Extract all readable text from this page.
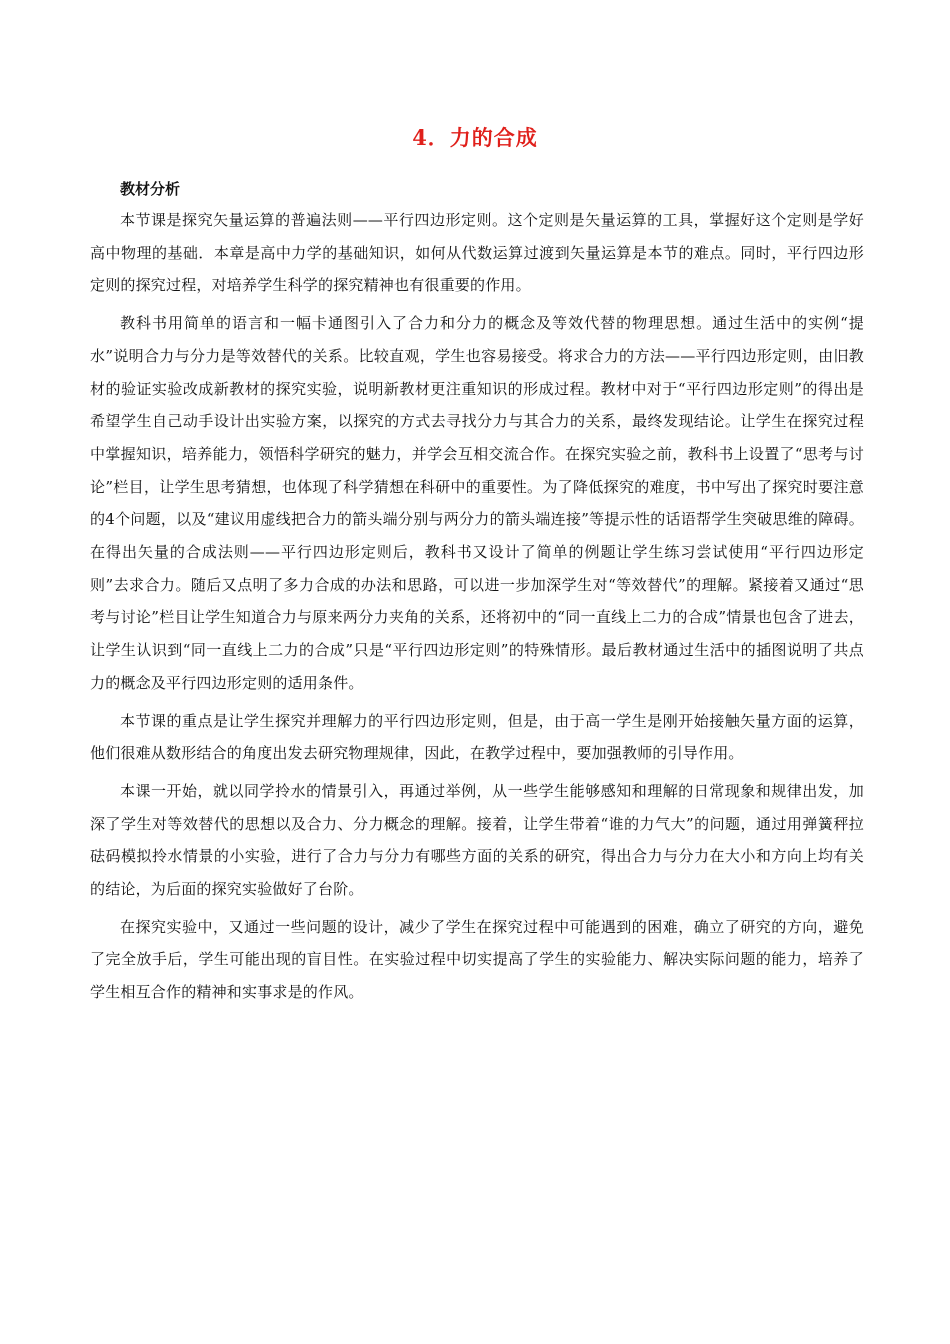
4．力的合成
教材分析

本节课是探究矢量运算的普遍法则——平行四边形定则。这个定则是矢量运算的工具，掌握好这个定则是学好高中物理的基础．本章是高中力学的基础知识，如何从代数运算过渡到矢量运算是本节的难点。同时，平行四边形定则的探究过程，对培养学生科学的探究精神也有很重要的作用。

教科书用简单的语言和一幅卡通图引入了合力和分力的概念及等效代替的物理思想。通过生活中的实例“提水”说明合力与分力是等效替代的关系。比较直观，学生也容易接受。将求合力的方法——平行四边形定则，由旧教材的验证实验改成新教材的探究实验，说明新教材更注重知识的形成过程。教材中对于“平行四边形定则”的得出是希望学生自己动手设计出实验方案，以探究的方式去寻找分力与其合力的关系，最终发现结论。让学生在探究过程中掌握知识，培养能力，领悟科学研究的魅力，并学会互相交流合作。在探究实验之前，教科书上设置了“思考与讨论”栏目，让学生思考猜想，也体现了科学猜想在科研中的重要性。为了降低探究的难度，书中写出了探究时要注意的4个问题，以及“建议用虚线把合力的箭头端分别与两分力的箭头端连接”等提示性的话语帮学生突破思维的障碍。在得出矢量的合成法则——平行四边形定则后，教科书又设计了简单的例题让学生练习尝试使用“平行四边形定则”去求合力。随后又点明了多力合成的办法和思路，可以进一步加深学生对“等效替代”的理解。紧接着又通过“思考与讨论”栏目让学生知道合力与原来两分力夹角的关系，还将初中的“同一直线上二力的合成”情景也包含了进去，让学生认识到“同一直线上二力的合成”只是“平行四边形定则”的特殊情形。最后教材通过生活中的插图说明了共点力的概念及平行四边形定则的适用条件。

本节课的重点是让学生探究并理解力的平行四边形定则，但是，由于高一学生是刚开始接触矢量方面的运算，他们很难从数形结合的角度出发去研究物理规律，因此，在教学过程中，要加强教师的引导作用。

本课一开始，就以同学拎水的情景引入，再通过举例，从一些学生能够感知和理解的日常现象和规律出发，加深了学生对等效替代的思想以及合力、分力概念的理解。接着，让学生带着“谁的力气大”的问题，通过用弹簧秤拉砝码模拟拎水情景的小实验，进行了合力与分力有哪些方面的关系的研究，得出合力与分力在大小和方向上均有关的结论，为后面的探究实验做好了台阶。

在探究实验中，又通过一些问题的设计，减少了学生在探究过程中可能遇到的困难，确立了研究的方向，避免了完全放手后，学生可能出现的盲目性。在实验过程中切实提高了学生的实验能力、解决实际问题的能力，培养了学生相互合作的精神和实事求是的作风。
